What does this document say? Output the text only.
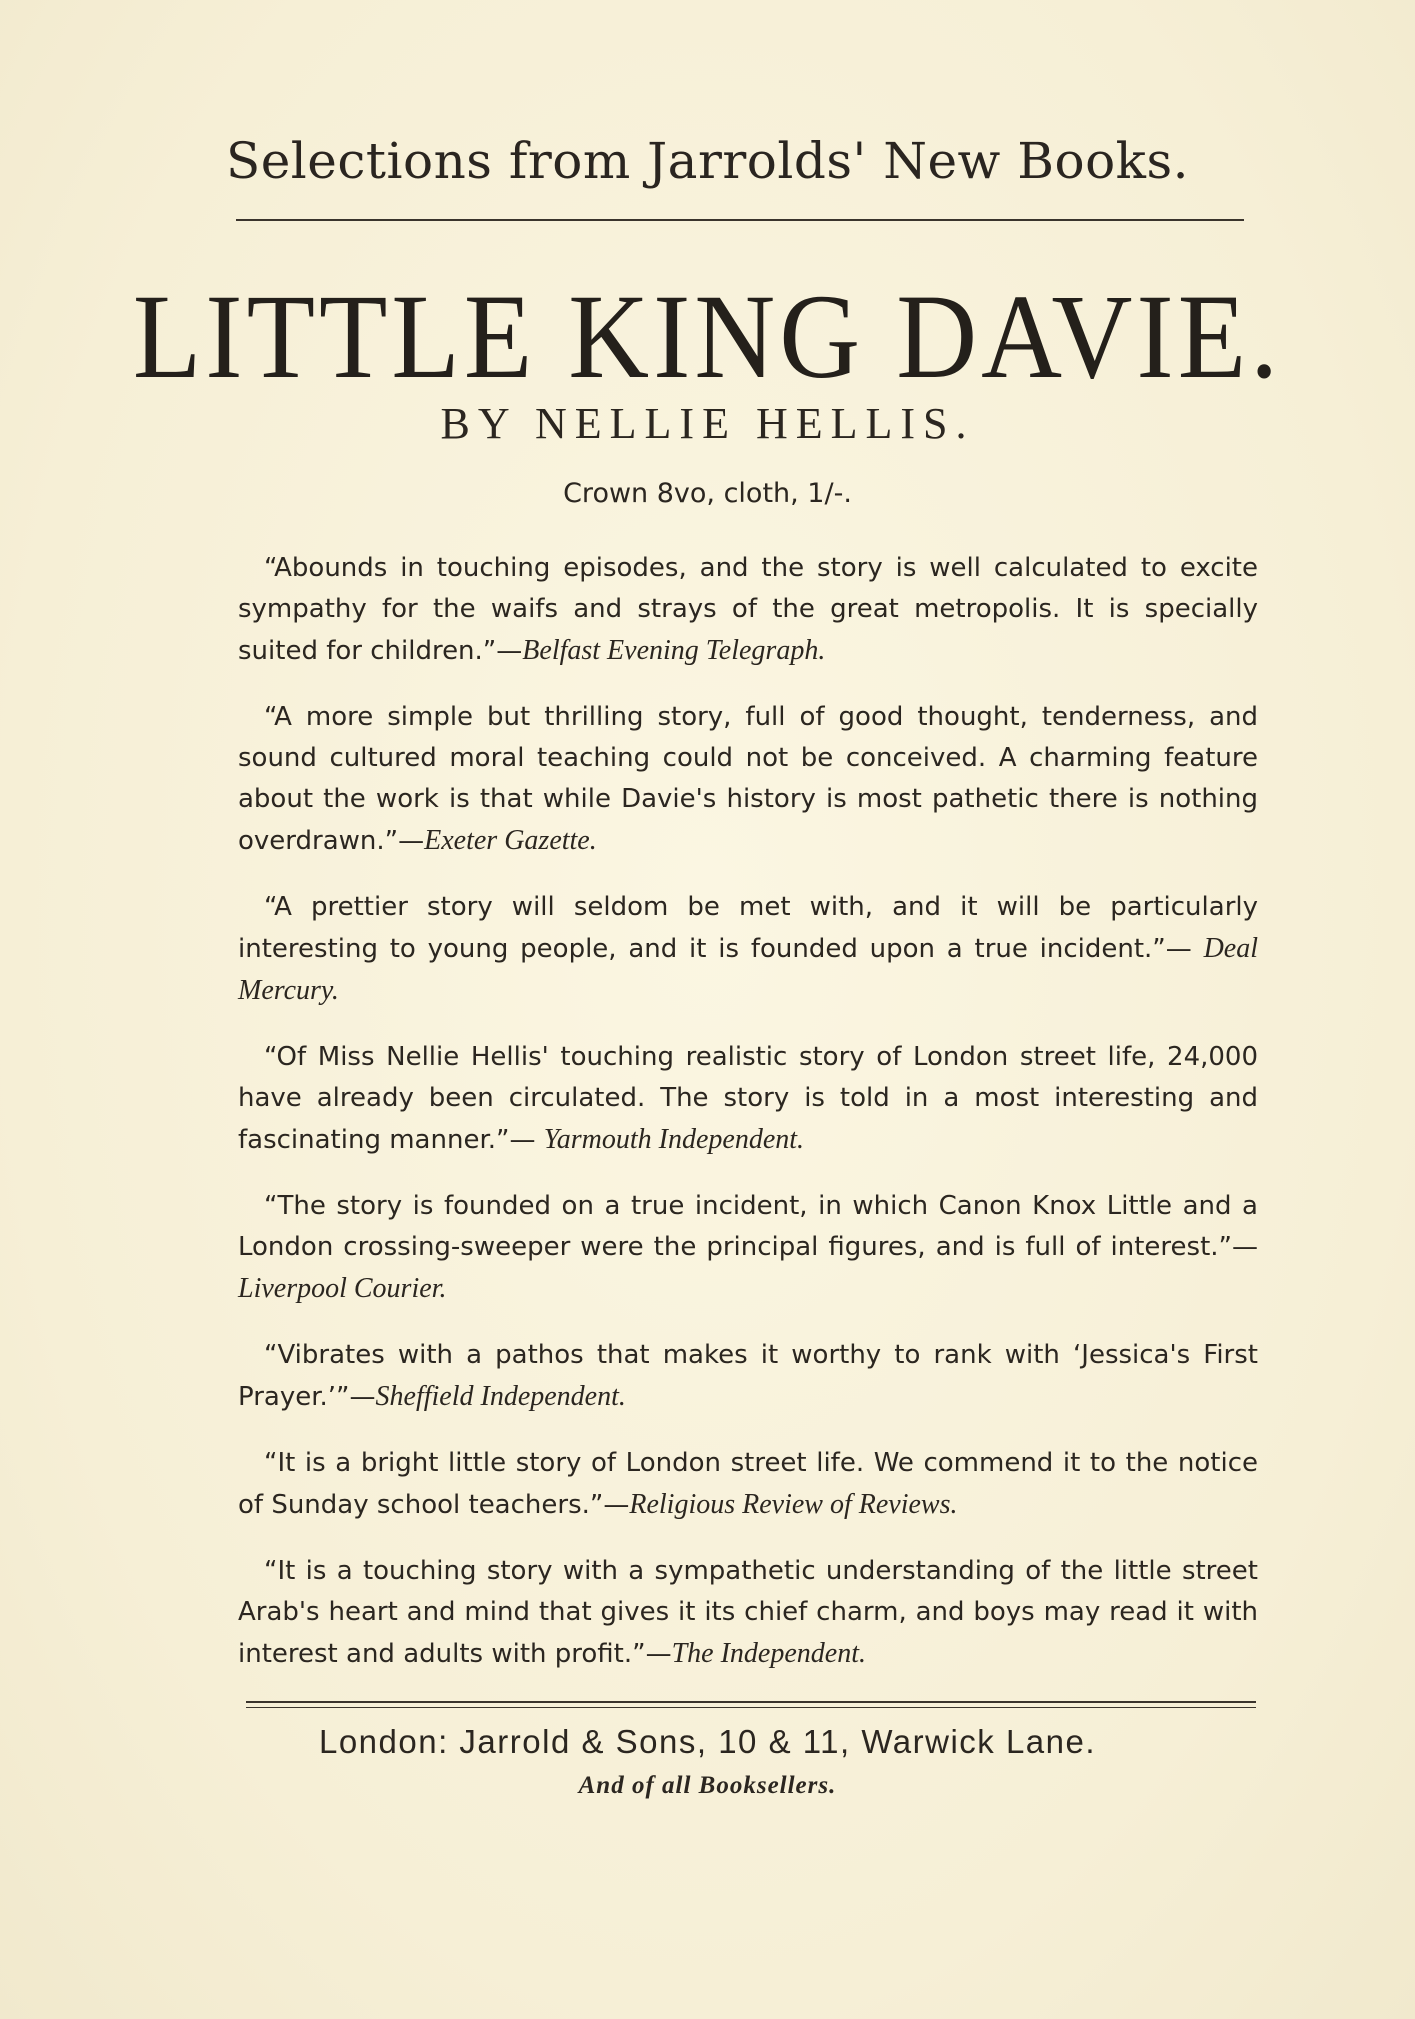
Selections from Jarrolds' New Books.
LITTLE KING DAVIE.
BY NELLIE HELLIS.
Crown 8vo, cloth, 1/-.

“Abounds in touching episodes, and the story is well calculated to excite sympathy for the waifs and strays of the great metropolis. It is specially suited for children.”—Belfast Evening Telegraph.

“A more simple but thrilling story, full of good thought, tenderness, and sound cultured moral teaching could not be conceived. A charming feature about the work is that while Davie's history is most pathetic there is nothing overdrawn.”—Exeter Gazette.

“A prettier story will seldom be met with, and it will be particularly interesting to young people, and it is founded upon a true incident.”— Deal Mercury.

“Of Miss Nellie Hellis' touching realistic story of London street life, 24,000 have already been circulated. The story is told in a most interesting and fascinating manner.”— Yarmouth Independent.

“The story is founded on a true incident, in which Canon Knox Little and a London crossing-sweeper were the principal figures, and is full of interest.”—Liverpool Courier.

“Vibrates with a pathos that makes it worthy to rank with ‘Jessica's First Prayer.’”—Sheffield Independent.

“It is a bright little story of London street life. We commend it to the notice of Sunday school teachers.”—Religious Review of Reviews.

“It is a touching story with a sympathetic understanding of the little street Arab's heart and mind that gives it its chief charm, and boys may read it with interest and adults with profit.”—The Independent.

London: Jarrold & Sons, 10 & 11, Warwick Lane.
And of all Booksellers.
